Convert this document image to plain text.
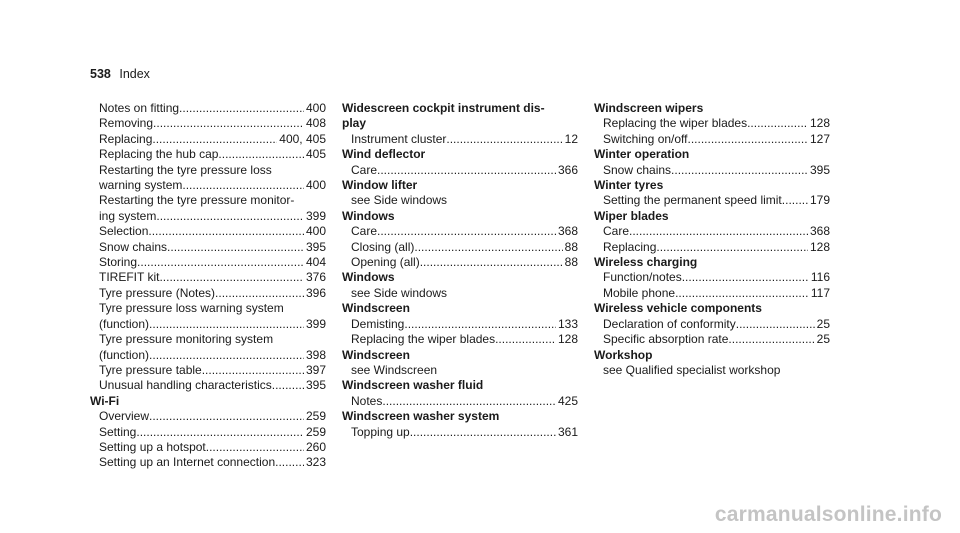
538 Index
Notes on fitting .....	400
Removing .....	408
Replacing .....	400, 405
Replacing the hub cap .....	405
Restarting the tyre pressure loss
warning system .....	400
Restarting the tyre pressure monitor-
ing system .....	399
Selection .....	400
Snow chains .....	395
Storing .....	404
TIREFIT kit .....	376
Tyre pressure (Notes) .....	396
Tyre pressure loss warning system
(function) .....	399
Tyre pressure monitoring system
(function) .....	398
Tyre pressure table .....	397
Unusual handling characteristics .....	395
Wi-Fi
Overview .....	259
Setting .....	259
Setting up a hotspot .....	260
Setting up an Internet connection .....	323
Widescreen cockpit instrument dis-
play
Instrument cluster .....	12
Wind deflector
Care .....	366
Window lifter
see Side windows
Windows
Care .....	368
Closing (all) .....	88
Opening (all) .....	88
Windows
see Side windows
Windscreen
Demisting .....	133
Replacing the wiper blades .....	128
Windscreen
see Windscreen
Windscreen washer fluid
Notes .....	425
Windscreen washer system
Topping up .....	361
Windscreen wipers
Replacing the wiper blades .....	128
Switching on/off .....	127
Winter operation
Snow chains .....	395
Winter tyres
Setting the permanent speed limit ..... 179
Wiper blades
Care .....	368
Replacing .....	128
Wireless charging
Function/notes .....	116
Mobile phone .....	117
Wireless vehicle components
Declaration of conformity .....	25
Specific absorption rate .....	25
Workshop
see Qualified specialist workshop
carmanualsonline.info
